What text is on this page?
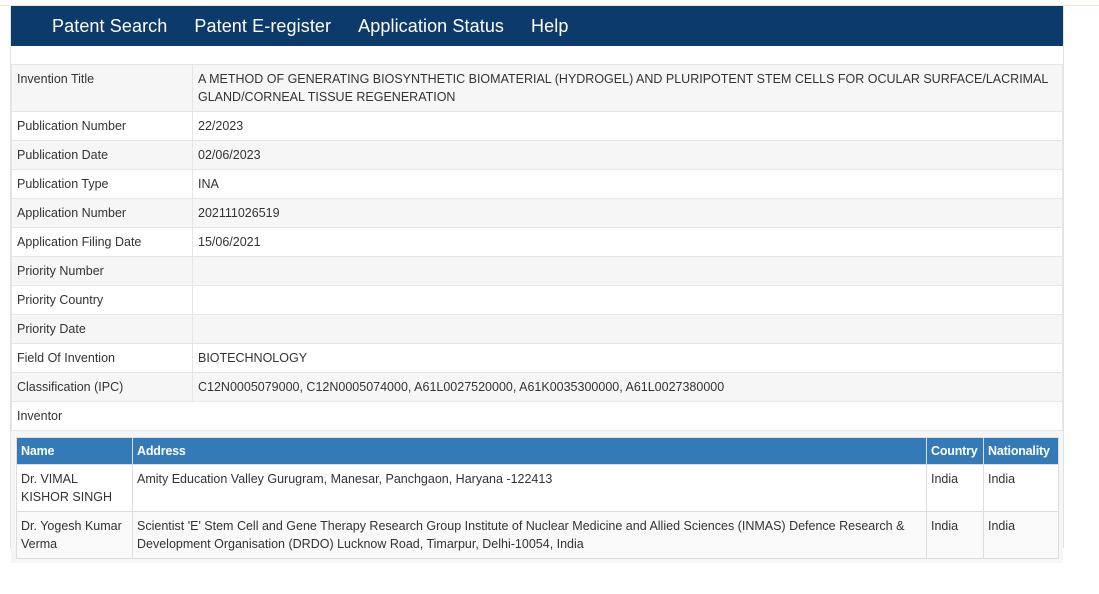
Patent Search Patent E-register Application Status Help
Invention Title	A METHOD OF GENERATING BIOSYNTHETIC BIOMATERIAL (HYDROGEL) AND PLURIPOTENT STEM CELLS FOR OCULAR SURFACE/LACRIMAL GLAND/CORNEAL TISSUE REGENERATION
Publication Number	22/2023
Publication Date	02/06/2023
Publication Type	INA
Application Number	202111026519
Application Filing Date	15/06/2021
Priority Number	
Priority Country	
Priority Date	
Field Of Invention	BIOTECHNOLOGY
Classification (IPC)	C12N0005079000, C12N0005074000, A61L0027520000, A61K0035300000, A61L0027380000
Inventor	
Name	Address	Country	Nationality
Dr. VIMAL KISHOR SINGH	Amity Education Valley Gurugram, Manesar, Panchgaon, Haryana -122413	India	India
Dr. Yogesh Kumar Verma	Scientist 'E' Stem Cell and Gene Therapy Research Group Institute of Nuclear Medicine and Allied Sciences (INMAS) Defence Research & Development Organisation (DRDO) Lucknow Road, Timarpur, Delhi-10054, India	India	India
